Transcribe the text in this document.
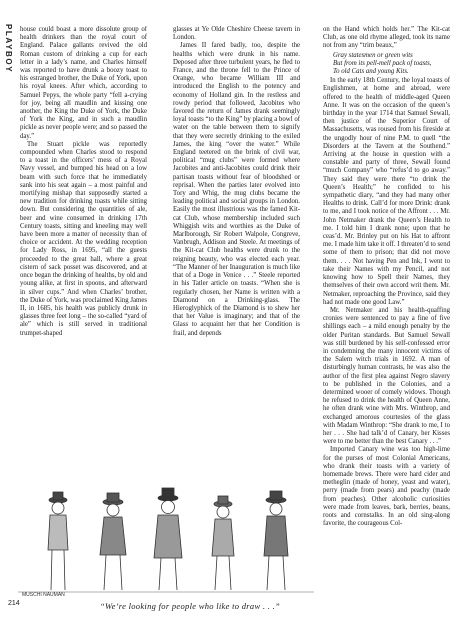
PLAYBOY house could boast a more dissolute group of health drinkers than the royal court of England. Palace gallants revived the old Roman custom of drinking a cup for each letter in a lady’s name, and Charles himself was reported to have drunk a boozy toast to his estranged brother, the Duke of York, upon his royal knees. After which, according to Samuel Pepys, the whole party “fell a-crying for joy, being all maudlin and kissing one another, the King the Duke of York, the Duke of York the King, and in such a maudlin pickle as never people were; and so passed the day.”

The Stuart pickle was reportedly compounded when Charles stood to respond to a toast in the officers’ mess of a Royal Navy vessel, and bumped his head on a low beam with such force that he immediately sank into his seat again – a most painful and mortifying mishap that supposedly started a new tradition for drinking toasts while sitting down. But considering the quantities of ale, beer and wine consumed in drinking 17th Century toasts, sitting and kneeling may well have been more a matter of necessity than of choice or accident. At the wedding reception for Lady Ross, in 1695, “all the guests proceeded to the great hall, where a great cistern of sack posset was discovered, and at once began the drinking of healths, by old and young alike, at first in spoons, and afterward in silver cups.” And when Charles’ brother, the Duke of York, was proclaimed King James II, in 1685, his health was publicly drunk in glasses three feet long – the so-called “yard of ale” which is still served in traditional trumpet-shaped

glasses at Ye Olde Cheshire Cheese tavern in London.

James II fared badly, too, despite the healths which were drunk in his name. Deposed after three turbulent years, he fled to France, and the throne fell to the Prince of Orange, who became William III and introduced the English to the potency and economy of Holland gin. In the restless and rowdy period that followed, Jacobites who favored the return of James drank seemingly loyal toasts “to the King” by placing a bowl of water on the table between them to signify that they were secretly drinking to the exiled James, the king “over the water.” While England teetered on the brink of civil war, political “mug clubs” were formed where Jacobites and anti-Jacobites could drink their partisan toasts without fear of bloodshed or reprisal. When the parties later evolved into Tory and Whig, the mug clubs became the leading political and social groups in London. Easily the most illustrious was the famed Kit-cat Club, whose membership included such Whiggish wits and worthies as the Duke of Marlborough, Sir Robert Walpole, Congreve, Vanbrugh, Addison and Steele. At meetings of the Kit-cat Club healths were drunk to the reigning beauty, who was elected each year. “The Manner of her Inauguration is much like that of a Doge in Venice . . .” Steele reported in his Tatler article on toasts. “When she is regularly chosen, her Name is written with a Diamond on a Drinking-glass. The Hieroglyphick of the Diamond is to shew her that her Value is imaginary; and that of the Glass to acquaint her that her Condition is frail, and depends

on the Hand which holds her.” The Kit-cat Club, as one old rhyme alleged, took its name not from any “trim beaux,”

Gray statesmen or green wits
But from its pell-mell pack of toasts,
To old Cats and young Kits.

In the early 18th Century, the loyal toasts of Englishmen, at home and abroad, were offered to the health of middle-aged Queen Anne. It was on the occasion of the queen’s birthday in the year 1714 that Samuel Sewall, then justice of the Superior Court of Massachusetts, was roused from his fireside at the ungodly hour of nine P.M. to quell “the Disorders at the Tavern at the Southend.” Arriving at the house in question with a constable and party of three, Sewall found “much Company” who “refus’d to go away.” They said they were there “to drink the Queen’s Health;” he confided to his sympathetic diary, “and they had many other Healths to drink. Call’d for more Drink: drank to me, and I took notice of the Affront . . . Mr. John Netmaker drank the Queen’s Health to me. I told him I drank none; upon that he ceas’d. Mr. Brinley put on his Hat to affront me. I made him take it off. I threaten’d to send some of them to prison; that did not move them. . . . Not having Pen and Ink, I went to take their Names with my Pencil, and not knowing how to Spell their Names, they themselves of their own accord writ them. Mr. Netmaker, reproaching the Province, said they had not made one good Law.”

Mr. Netmaker and his health-quaffing cronies were sentenced to pay a fine of five shillings each – a mild enough penalty by the older Puritan standards. But Samuel Sewall was still burdened by his self-confessed error in condemning the many innocent victims of the Salem witch trials in 1692. A man of disturbingly human contrasts, he was also the author of the first plea against Negro slavery to be published in the Colonies, and a determined wooer of comely widows. Though he refused to drink the health of Queen Anne, he often drank wine with Mrs. Winthrop, and exchanged amorous courtesies of the glass with Madam Winthrop: “She drank to me, I to her . . . She had talk’d of Canary, her Kisses were to me better than the best Canary . . .”

Imported Canary wine was too high-lime for the purses of most Colonial Americans, who drank their toasts with a variety of homemade brews. There were hard cider and metheglin (made of honey, yeast and water), perry (made from pears) and peachy (made from peaches). Other alcoholic curiosities were made from leaves, bark, berries, beans, roots and cornstalks. In an old sing-along favorite, the courageous Col-

MUSCHI NAUMAN
“We’re looking for people who like to draw . . .”
214
